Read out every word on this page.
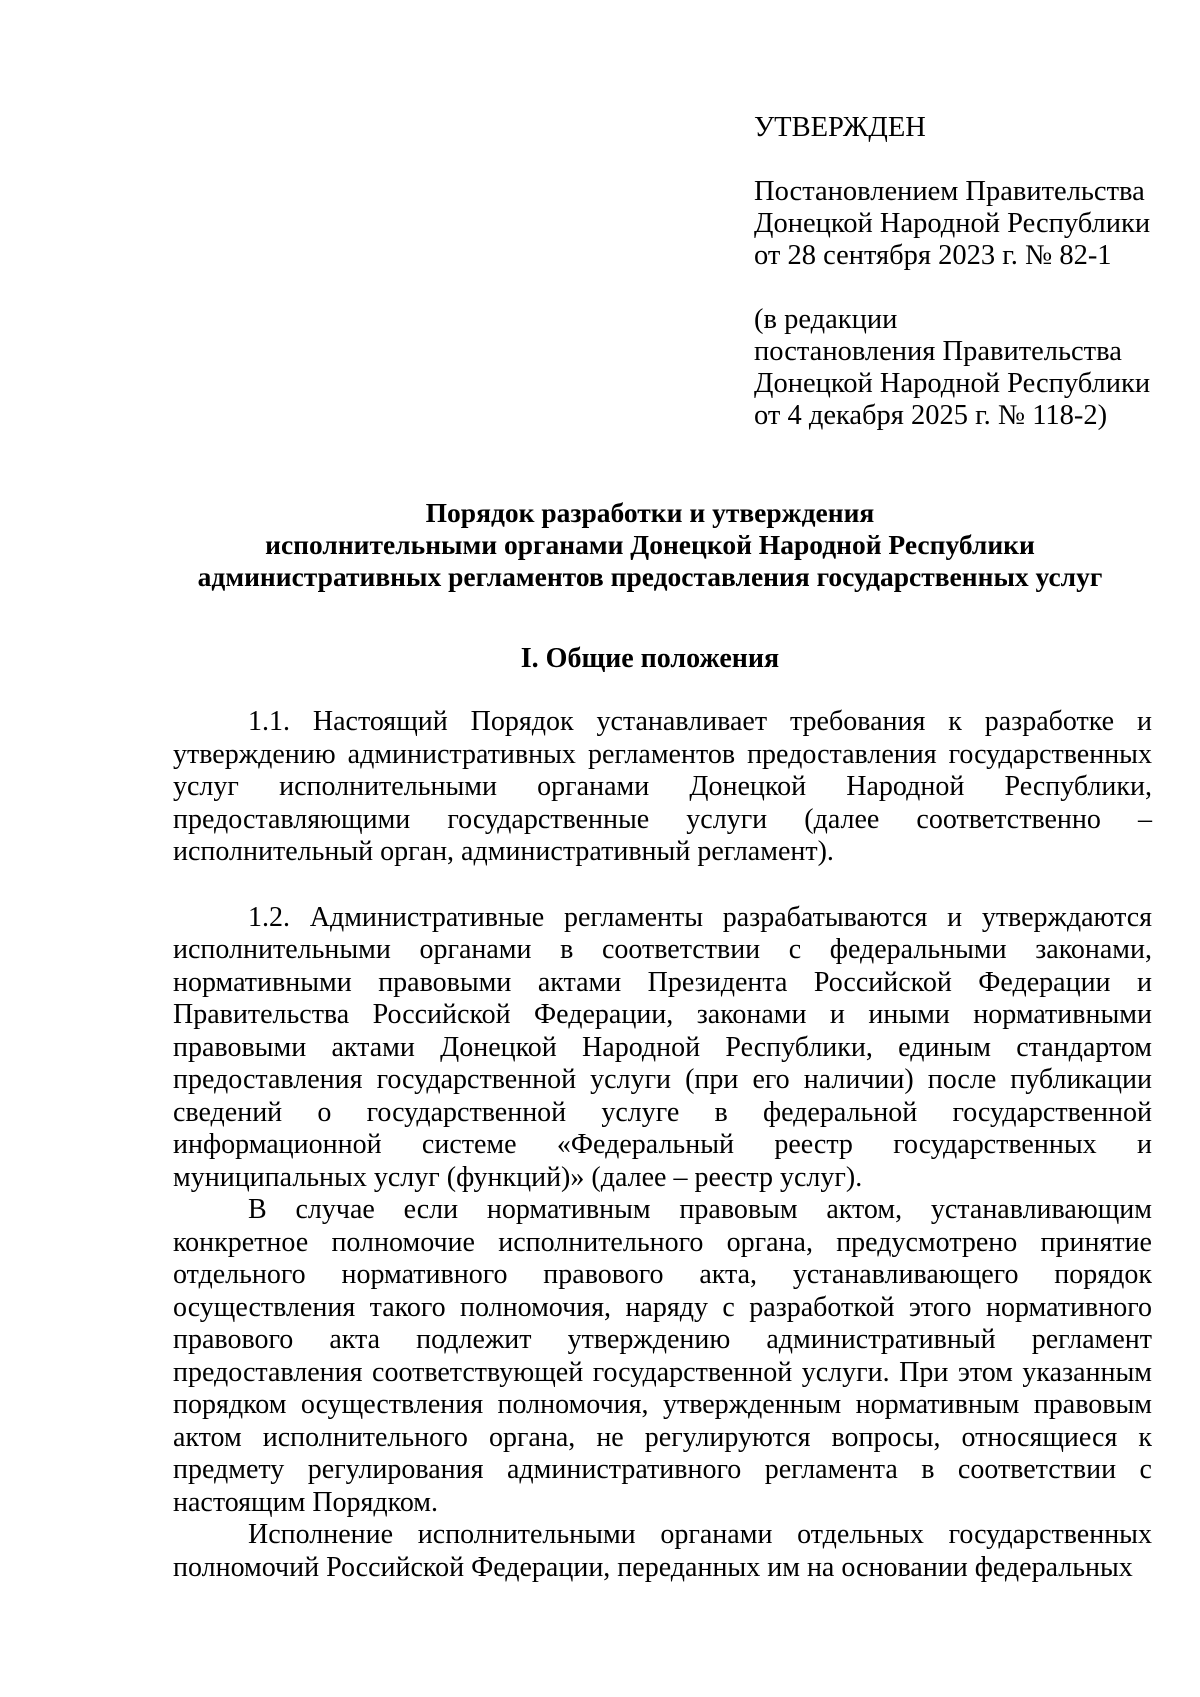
УТВЕРЖДЕН
Постановлением Правительства
Донецкой Народной Республики
от 28 сентября 2023 г. № 82-1
(в редакции
постановления Правительства
Донецкой Народной Республики
от 4 декабря 2025 г. № 118-2)
Порядок разработки и утверждения
исполнительными органами Донецкой Народной Республики
административных регламентов предоставления государственных услуг
I. Общие положения

1.1. Настоящий Порядок устанавливает требования к разработке и утверждению административных регламентов предоставления государственных услуг исполнительными органами Донецкой Народной Республики, предоставляющими государственные услуги (далее соответственно – исполнительный орган, административный регламент).

1.2. Административные регламенты разрабатываются и утверждаются исполнительными органами в соответствии с федеральными законами, нормативными правовыми актами Президента Российской Федерации и Правительства Российской Федерации, законами и иными нормативными правовыми актами Донецкой Народной Республики, единым стандартом предоставления государственной услуги (при его наличии) после публикации сведений о государственной услуге в федеральной государственной информационной системе «Федеральный реестр государственных и муниципальных услуг (функций)» (далее – реестр услуг).

В случае если нормативным правовым актом, устанавливающим конкретное полномочие исполнительного органа, предусмотрено принятие отдельного нормативного правового акта, устанавливающего порядок осуществления такого полномочия, наряду с разработкой этого нормативного правового акта подлежит утверждению административный регламент предоставления соответствующей государственной услуги. При этом указанным порядком осуществления полномочия, утвержденным нормативным правовым актом исполнительного органа, не регулируются вопросы, относящиеся к предмету регулирования административного регламента в соответствии с настоящим Порядком.

Исполнение исполнительными органами отдельных государственных полномочий Российской Федерации, переданных им на основании федеральных
